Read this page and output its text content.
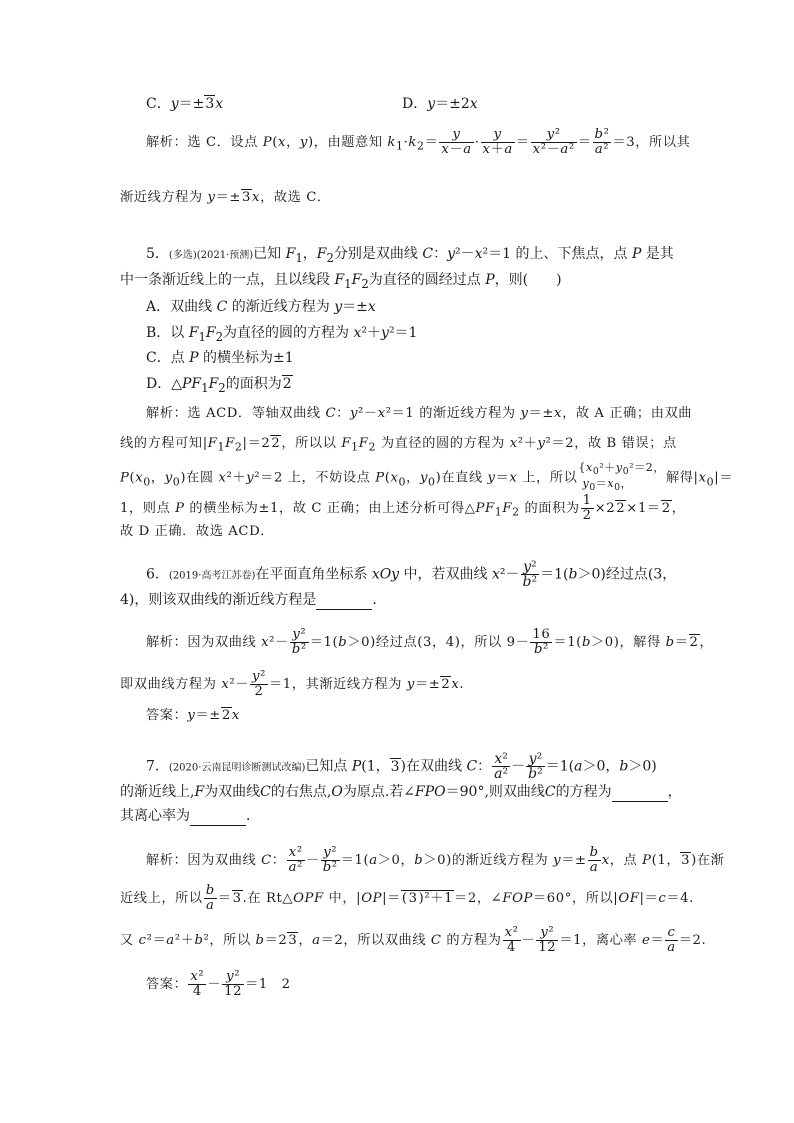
C．y＝±3x	D．y＝±2x
解析：选 C．设点 P(x，y)，由题意知 $k_1\cdot k_2= \frac{y}{x-a} \cdot \frac{y}{x+a} = \frac{\text{y²}}{\text{x²－a²}} = \frac{\text{b²}}{\text{a²}} =3$，所以其
渐近线方程为 y＝±3x，故选 C．
5．(多选)(2021·预测)已知 $F_1$，$F_2$分别是双曲线 C：y²－x²＝1 的上、下焦点，点 P 是其
中一条渐近线上的一点，且以线段 $F_1F_2$为直径的圆经过点 P，则(　　)
A．双曲线 C 的渐近线方程为 y＝±x
B．以 $F_1F_2$为直径的圆的方程为 x²＋y²＝1
C．点 P 的横坐标为±1
D．$\triangle PF_1F_2$的面积为2
解析：选 ACD．等轴双曲线 C：y²－x²＝1 的渐近线方程为 y＝±x，故 A 正确；由双曲
线的方程可知$|F_1F_2|=22$，所以以 $F_1F_2$ 为直径的圆的方程为 x²＋y²＝2，故 B 错误；点
$P(x_0$，$y_0$)在圆 x²＋y²＝2 上，不妨设点 $P(x_0$，$y_0$)在直线 y＝x 上，所以
{$x_0^2+y_0^2=2$，
$y_0=x_0$，	解得$|x_0|=$
1，则点 P 的横坐标为±1，故 C 正确；由上述分析可得$\triangle PF_1F_2$ 的面积为 $\frac{1}{2} \times 22\times 1=2$，
故 D 正确．故选 ACD．
6．(2019·高考江苏卷)在平面直角坐标系 xOy 中，若双曲线 $x^2- \frac{\text{y²}}{\text{b²}} =1(b>0)$经过点(3，
4)，则该双曲线的渐近线方程是	．
解析：因为双曲线 $x^2- \frac{\text{y²}}{\text{b²}} =1(b>0)$经过点(3，4)，所以 $9- \frac{16}{\text{b²}} =1(b>0)$，解得 b＝2，
即双曲线方程为 $x^2- \frac{\text{y²}}{2} =1$，其渐近线方程为 y＝±2x.
答案：y＝±2x
7．(2020·云南昆明诊断测试改编)已知点 P(1，3)在双曲线 C： $\frac{\text{x²}}{\text{a²}} - \frac{\text{y²}}{\text{b²}} =1(a>0$，b＞0)
的渐近线上,F为双曲线C的右焦点,O为原点.若∠FPO＝90°,则双曲线C的方程为	，
其离心率为	．
解析：因为双曲线 C： $\frac{\text{x²}}{\text{a²}} - \frac{\text{y²}}{\text{b²}} =1(a>0$，b＞0)的渐近线方程为 $y=\pm \frac{b}{a}$ x，点 P(1，3)在渐
近线上，所以 $\frac{b}{a} =3$.在 Rt△OPF 中，|OP|＝(3)²＋1＝2，∠FOP＝60°，所以|OF|＝c＝4.
又 c²＝a²＋b²，所以 b＝23，a＝2，所以双曲线 C 的方程为 $\frac{\text{x²}}{4} - \frac{\text{y²}}{12} =1$，离心率 $e= \frac{c}{a} =2$.
答案： $\frac{\text{x²}}{4} - \frac{\text{y²}}{12} =1$　2
